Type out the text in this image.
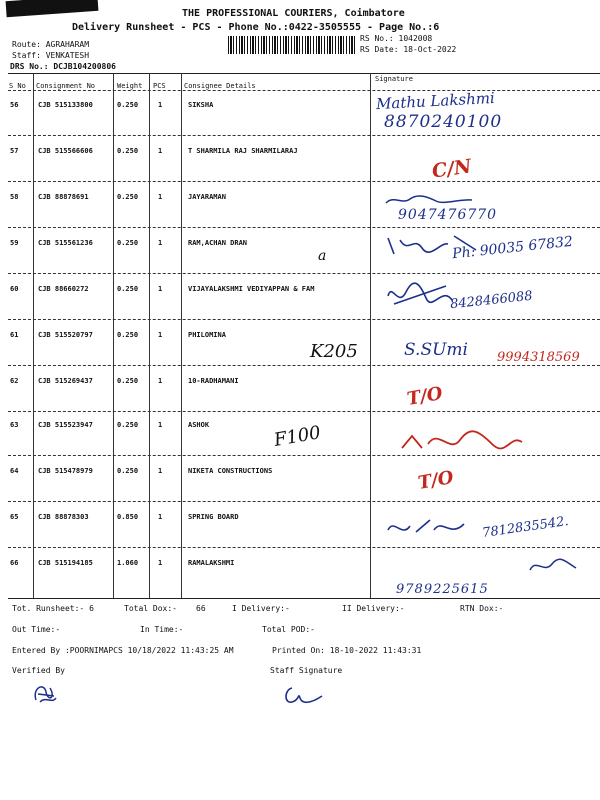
THE PROFESSIONAL COURIERS, Coimbatore
Delivery Runsheet - PCS - Phone No.:0422-3505555 - Page No.:6
Route: AGRAHARAM
Staff: VENKATESH
DRS No.: DCJB104200806
RS No.: 1042008
RS Date: 18-Oct-2022
S No Consignment No	Weight PCS	Consignee Details
Signature
56	CJB 515133800	0.250	1	SIKSHA
57	CJB 515566606	0.250	1	T SHARMILA RAJ SHARMILARAJ
58	CJB 88878691	0.250	1	JAYARAMAN
59	CJB 515561236	0.250	1	RAM,ACHAN DRAN
60	CJB 88660272	0.250	1	VIJAYALAKSHMI VEDIYAPPAN & FAM
61	CJB 515520797	0.250	1	PHILOMINA
62	CJB 515269437	0.250	1	10-RADHAMANI
63	CJB 515523947	0.250	1	ASHOK
64	CJB 515478979	0.250	1	NIKETA CONSTRUCTIONS
65	CJB 88878303	0.850	1	SPRING BOARD
66	CJB 515194185	1.060	1	RAMALAKSHMI
Mathu Lakshmi
8870240100
C/N
9047476770
Ph: 90035 67832
a
8428466088
K205	S.SUmi 9994318569
T/O
F100
T/O
7812835542.
9789225615
Tot. Runsheet:- 6	Total Dox:- 66	I Delivery:-	II Delivery:-	RTN Dox:-
Out Time:-	In Time:-	Total POD:-
Entered By :POORNIMAPCS 10/18/2022 11:43:25 AM	Printed On: 18-10-2022 11:43:31
Verified By	Staff Signature
